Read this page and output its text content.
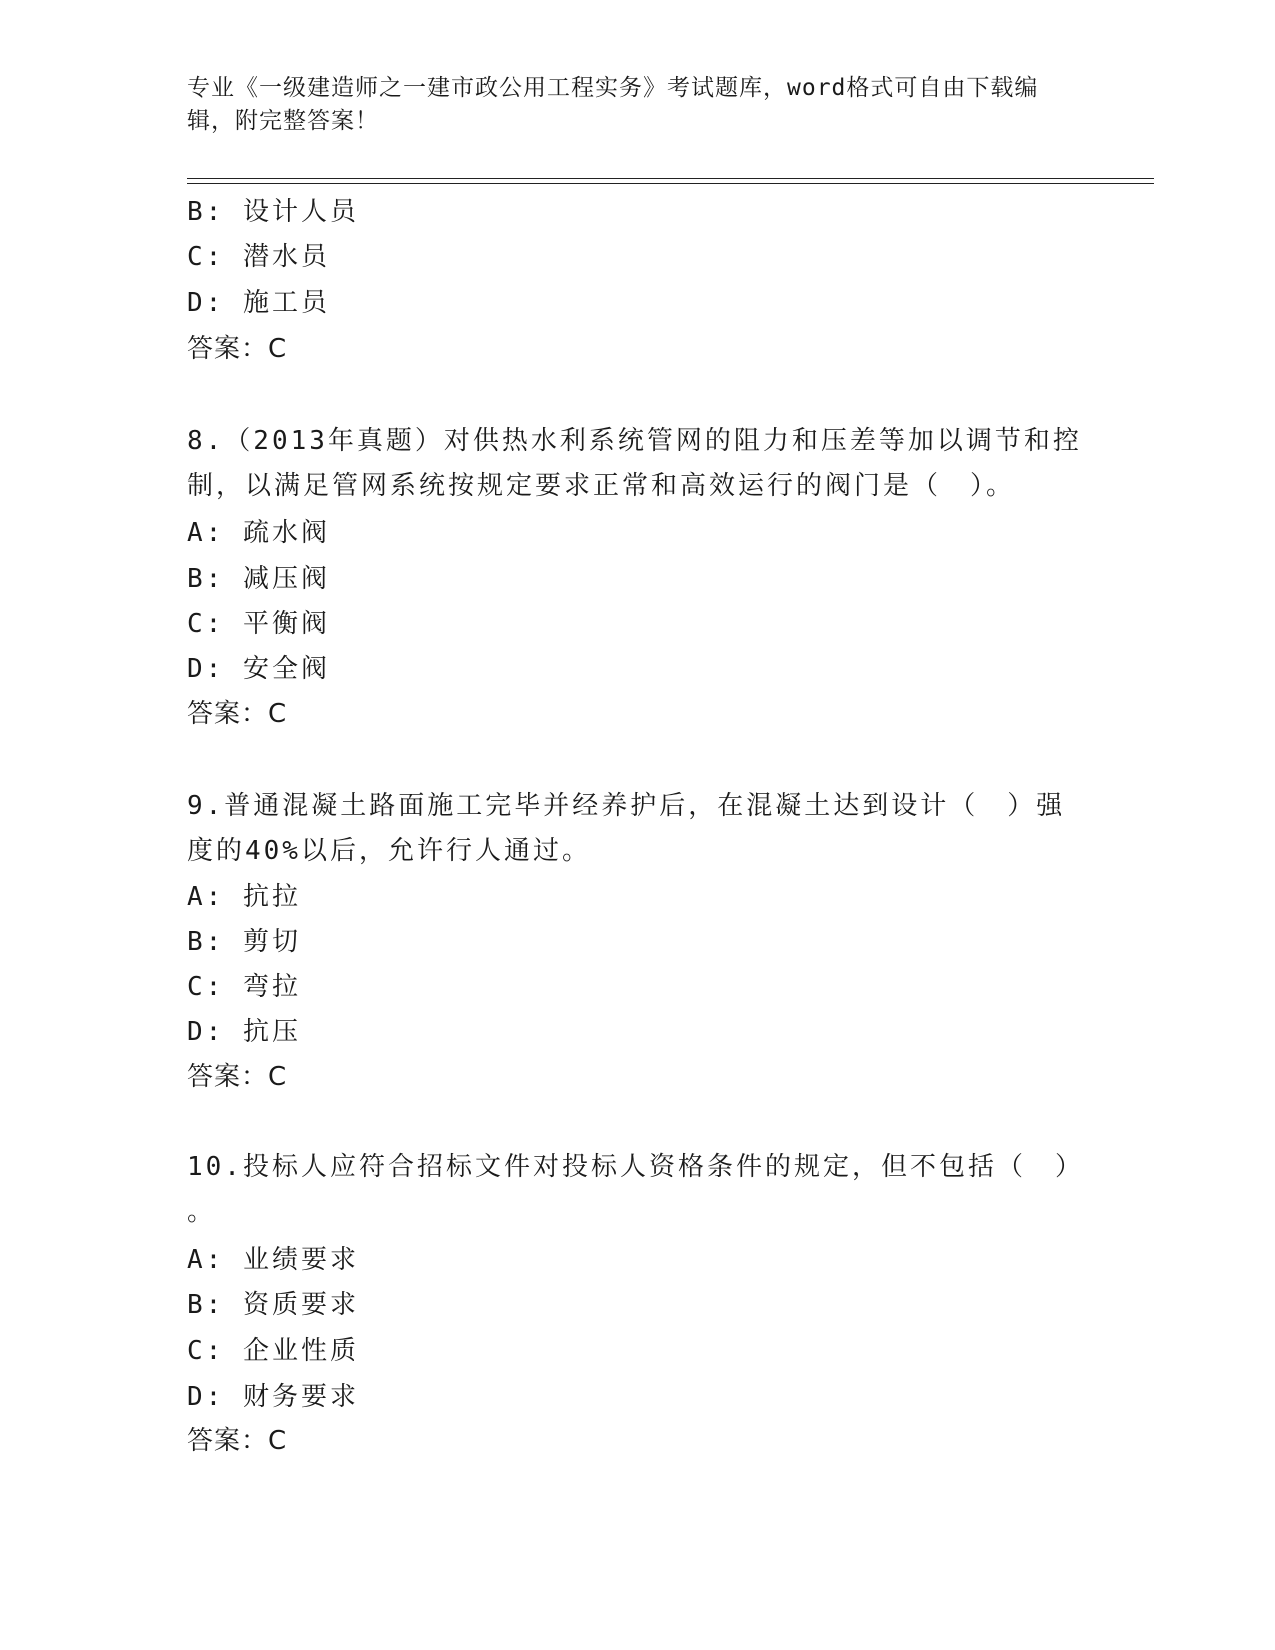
专业《一级建造师之一建市政公用工程实务》考试题库，word格式可自由下载编
辑，附完整答案！
B: 设计人员
C: 潜水员
D: 施工员
答案：C
8.（2013年真题）对供热水利系统管网的阻力和压差等加以调节和控
制，以满足管网系统按规定要求正常和高效运行的阀门是（　）。
A: 疏水阀
B: 减压阀
C: 平衡阀
D: 安全阀
答案：C
9.普通混凝土路面施工完毕并经养护后，在混凝土达到设计（　）强
度的40%以后，允许行人通过。
A: 抗拉
B: 剪切
C: 弯拉
D: 抗压
答案：C
10.投标人应符合招标文件对投标人资格条件的规定，但不包括（　）
。
A: 业绩要求
B: 资质要求
C: 企业性质
D: 财务要求
答案：C
